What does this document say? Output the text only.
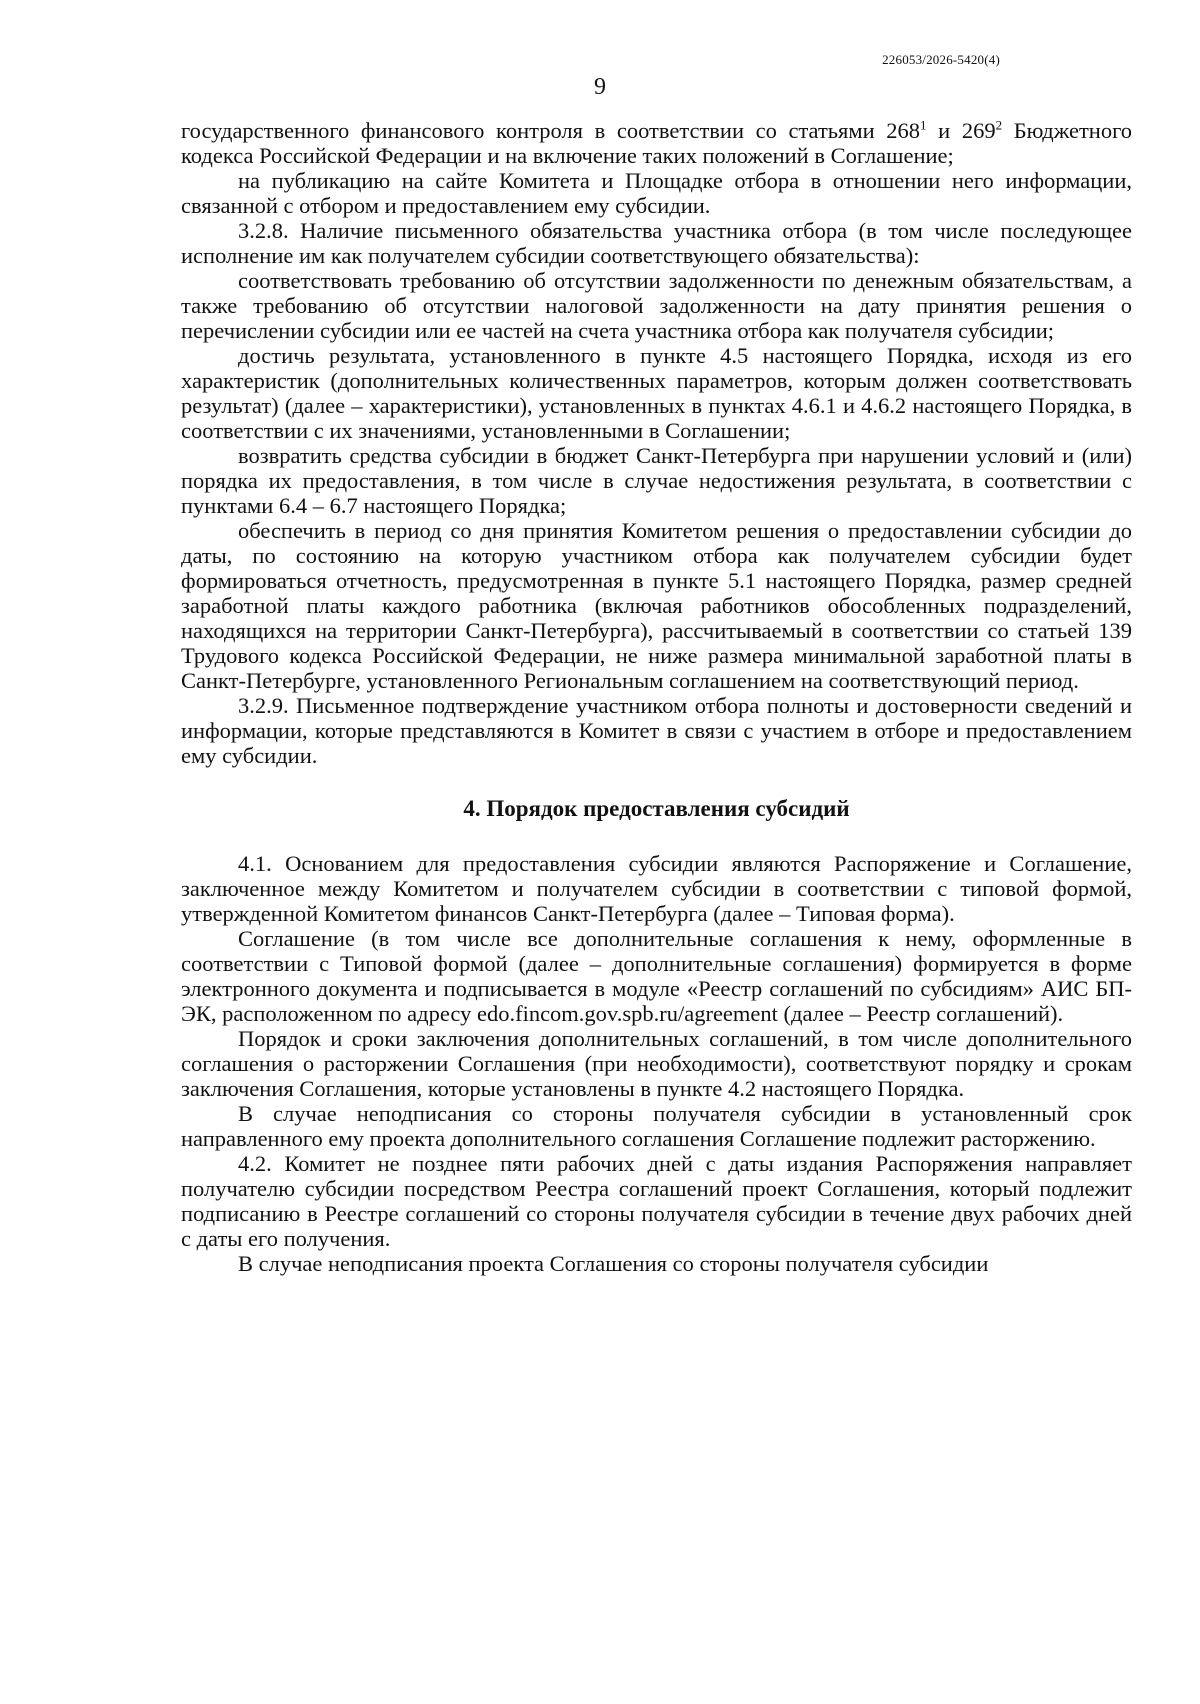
226053/2026-5420(4)
9

государственного финансового контроля в соответствии со статьями $268^1$ и $269^2$ Бюджетного кодекса Российской Федерации и на включение таких положений в Соглашение;

на публикацию на сайте Комитета и Площадке отбора в отношении него информации, связанной с отбором и предоставлением ему субсидии.

3.2.8. Наличие письменного обязательства участника отбора (в том числе последующее исполнение им как получателем субсидии соответствующего обязательства):

соответствовать требованию об отсутствии задолженности по денежным обязательствам, а также требованию об отсутствии налоговой задолженности на дату принятия решения о перечислении субсидии или ее частей на счета участника отбора как получателя субсидии;

достичь результата, установленного в пункте 4.5 настоящего Порядка, исходя из его характеристик (дополнительных количественных параметров, которым должен соответствовать результат) (далее – характеристики), установленных в пунктах 4.6.1 и 4.6.2 настоящего Порядка, в соответствии с их значениями, установленными в Соглашении;

возвратить средства субсидии в бюджет Санкт-Петербурга при нарушении условий и (или) порядка их предоставления, в том числе в случае недостижения результата, в соответствии с пунктами 6.4 – 6.7 настоящего Порядка;

обеспечить в период со дня принятия Комитетом решения о предоставлении субсидии до даты, по состоянию на которую участником отбора как получателем субсидии будет формироваться отчетность, предусмотренная в пункте 5.1 настоящего Порядка, размер средней заработной платы каждого работника (включая работников обособленных подразделений, находящихся на территории Санкт-Петербурга), рассчитываемый в соответствии со статьей 139 Трудового кодекса Российской Федерации, не ниже размера минимальной заработной платы в Санкт-Петербурге, установленного Региональным соглашением на соответствующий период.

3.2.9. Письменное подтверждение участником отбора полноты и достоверности сведений и информации, которые представляются в Комитет в связи с участием в отборе и предоставлением ему субсидии.

4. Порядок предоставления субсидий

4.1. Основанием для предоставления субсидии являются Распоряжение и Соглашение, заключенное между Комитетом и получателем субсидии в соответствии с типовой формой, утвержденной Комитетом финансов Санкт-Петербурга (далее – Типовая форма).

Соглашение (в том числе все дополнительные соглашения к нему, оформленные в соответствии с Типовой формой (далее – дополнительные соглашения) формируется в форме электронного документа и подписывается в модуле «Реестр соглашений по субсидиям» АИС БП-ЭК, расположенном по адресу edo.fincom.gov.spb.ru/agreement (далее – Реестр соглашений).

Порядок и сроки заключения дополнительных соглашений, в том числе дополнительного соглашения о расторжении Соглашения (при необходимости), соответствуют порядку и срокам заключения Соглашения, которые установлены в пункте 4.2 настоящего Порядка.

В случае неподписания со стороны получателя субсидии в установленный срок направленного ему проекта дополнительного соглашения Соглашение подлежит расторжению.

4.2. Комитет не позднее пяти рабочих дней с даты издания Распоряжения направляет получателю субсидии посредством Реестра соглашений проект Соглашения, который подлежит подписанию в Реестре соглашений со стороны получателя субсидии в течение двух рабочих дней с даты его получения.

В случае неподписания проекта Соглашения со стороны получателя субсидии
